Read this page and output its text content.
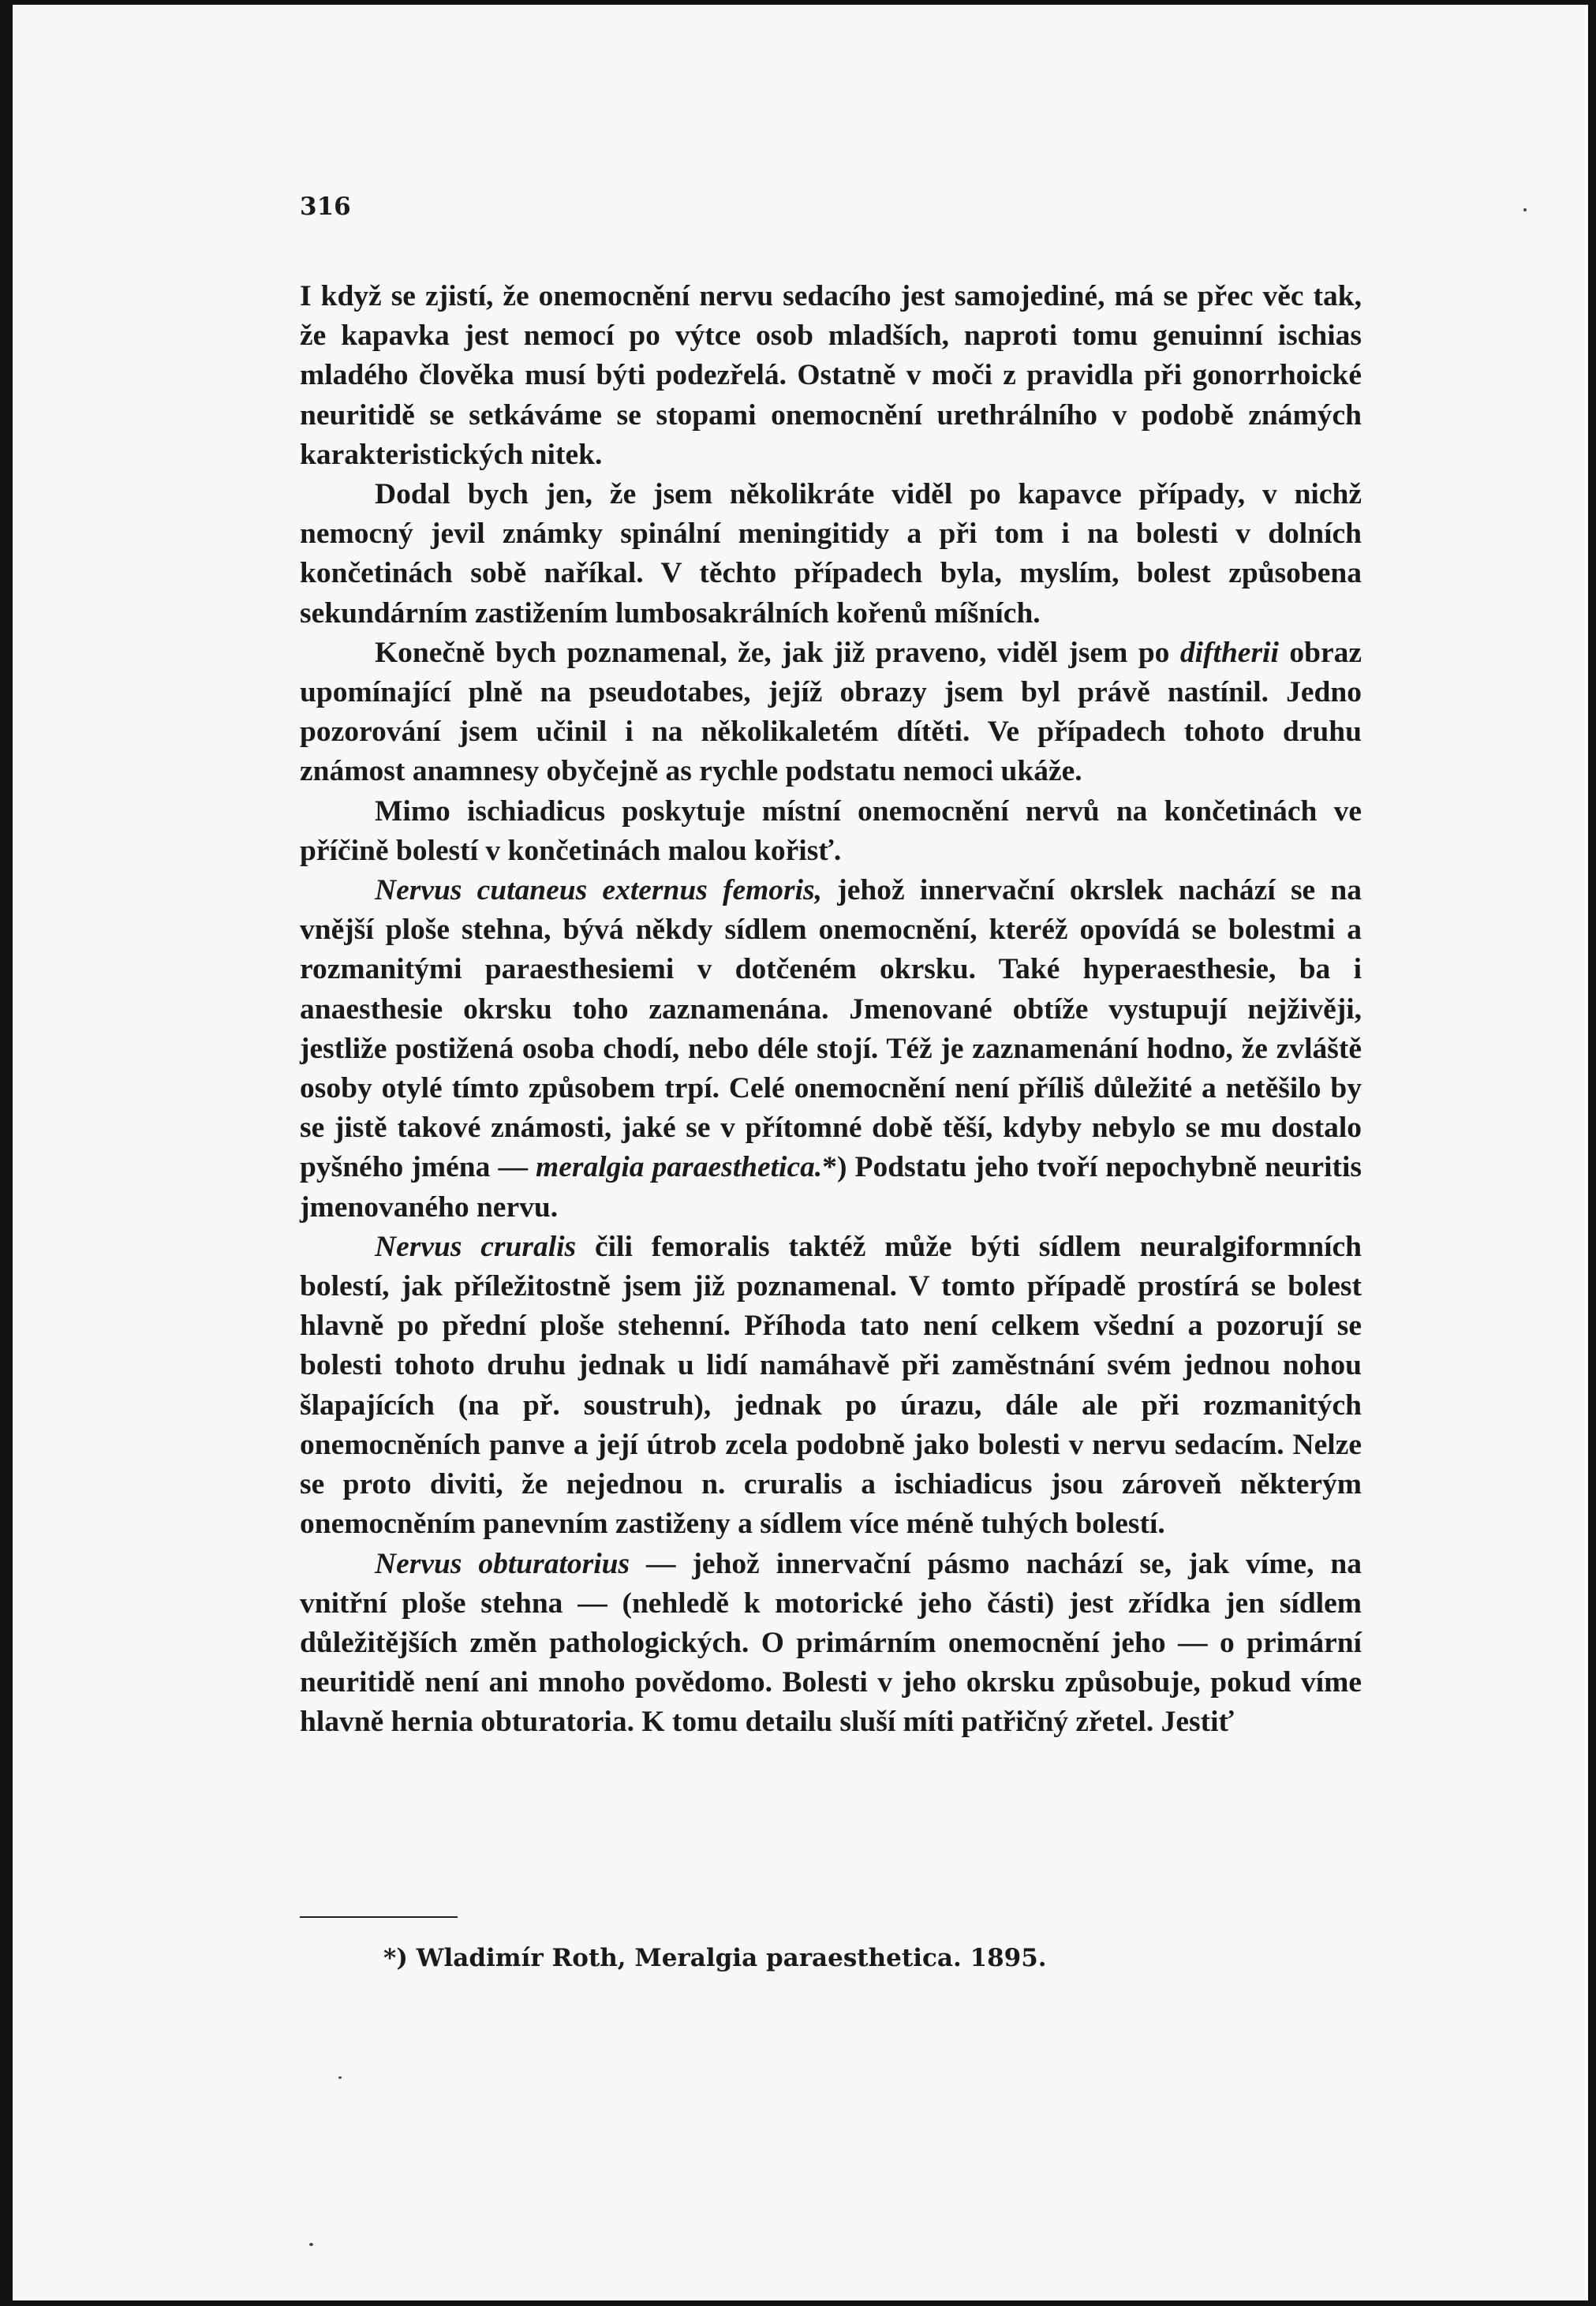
316

I když se zjistí, že onemocnění nervu sedacího jest samojediné, má se přec věc tak, že kapavka jest nemocí po výtce osob mladších, naproti tomu genuinní ischias mladého člověka musí býti podezřelá. Ostatně v moči z pravidla při gonorrhoické neuritidě se setkáváme se stopami onemocnění urethrálního v podobě známých karakteristických nitek.

Dodal bych jen, že jsem několikráte viděl po kapavce případy, v nichž nemocný jevil známky spinální meningitidy a při tom i na bolesti v dolních končetinách sobě naříkal. V těchto případech byla, myslím, bolest způsobena sekundárním zastižením lumbosakrálních kořenů míšních.

Konečně bych poznamenal, že, jak již praveno, viděl jsem po diftherii obraz upomínající plně na pseudotabes, jejíž obrazy jsem byl právě nastínil. Jedno pozorování jsem učinil i na několikaletém dítěti. Ve případech tohoto druhu známost anamnesy obyčejně as rychle podstatu nemoci ukáže.

Mimo ischiadicus poskytuje místní onemocnění nervů na končetinách ve příčině bolestí v končetinách malou kořisť.

Nervus cutaneus externus femoris, jehož innervační okrslek nachází se na vnější ploše stehna, bývá někdy sídlem onemocnění, kteréž opovídá se bolestmi a rozmanitými paraesthesiemi v dotčeném okrsku. Také hyperaesthesie, ba i anaesthesie okrsku toho zaznamenána. Jmenované obtíže vystupují nejživěji, jestliže postižená osoba chodí, nebo déle stojí. Též je zaznamenání hodno, že zvláště osoby otylé tímto způsobem trpí. Celé onemocnění není příliš důležité a netěšilo by se jistě takové známosti, jaké se v přítomné době těší, kdyby nebylo se mu dostalo pyšného jména — meralgia paraesthetica.*) Podstatu jeho tvoří nepochybně neuritis jmenovaného nervu.

Nervus cruralis čili femoralis taktéž může býti sídlem neuralgiformních bolestí, jak příležitostně jsem již poznamenal. V tomto případě prostírá se bolest hlavně po přední ploše stehenní. Příhoda tato není celkem všední a pozorují se bolesti tohoto druhu jednak u lidí namáhavě při zaměstnání svém jednou nohou šlapajících (na př. soustruh), jednak po úrazu, dále ale při rozmanitých onemocněních panve a její útrob zcela podobně jako bolesti v nervu sedacím. Nelze se proto diviti, že nejednou n. cruralis a ischiadicus jsou zároveň některým onemocněním panevním zastiženy a sídlem více méně tuhých bolestí.

Nervus obturatorius — jehož innervační pásmo nachází se, jak víme, na vnitřní ploše stehna — (nehledě k motorické jeho části) jest zřídka jen sídlem důležitějších změn pathologických. O primárním onemocnění jeho — o primární neuritidě není ani mnoho povědomo. Bolesti v jeho okrsku způsobuje, pokud víme hlavně hernia obturatoria. K tomu detailu sluší míti patřičný zřetel. Jestiť

*) Wladimír Roth, Meralgia paraesthetica. 1895.
